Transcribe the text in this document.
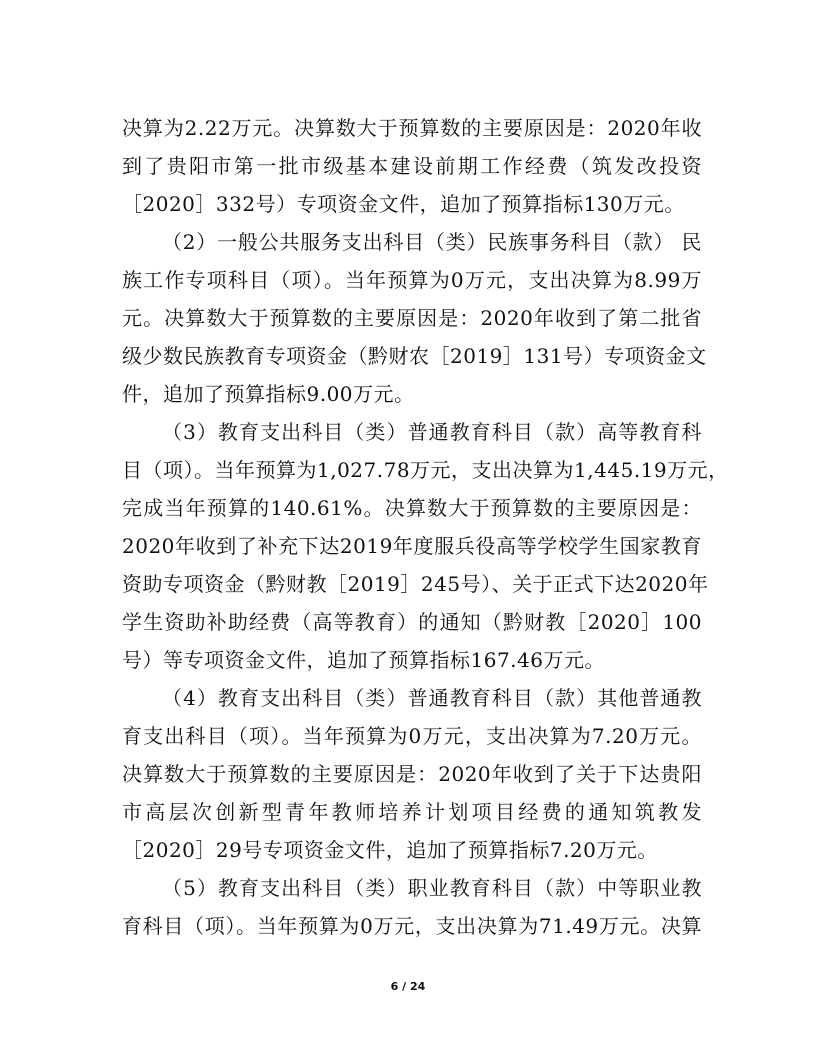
决算为2.22万元。决算数大于预算数的主要原因是：2020年收
到了贵阳市第一批市级基本建设前期工作经费（筑发改投资
［2020］332号）专项资金文件，追加了预算指标130万元。
（2）一般公共服务支出科目（类）民族事务科目（款） 民
族工作专项科目（项）。当年预算为0万元，支出决算为8.99万
元。决算数大于预算数的主要原因是：2020年收到了第二批省
级少数民族教育专项资金（黔财农［2019］131号）专项资金文
件，追加了预算指标9.00万元。
（3）教育支出科目（类）普通教育科目（款）高等教育科
目（项）。当年预算为1,027.78万元，支出决算为1,445.19万元，
完成当年预算的140.61%。决算数大于预算数的主要原因是：
2020年收到了补充下达2019年度服兵役高等学校学生国家教育
资助专项资金（黔财教［2019］245号）、关于正式下达2020年
学生资助补助经费（高等教育）的通知（黔财教［2020］100
号）等专项资金文件，追加了预算指标167.46万元。
（4）教育支出科目（类）普通教育科目（款）其他普通教
育支出科目（项）。当年预算为0万元，支出决算为7.20万元。
决算数大于预算数的主要原因是：2020年收到了关于下达贵阳
市高层次创新型青年教师培养计划项目经费的通知筑教发
［2020］29号专项资金文件，追加了预算指标7.20万元。
（5）教育支出科目（类）职业教育科目（款）中等职业教
育科目（项）。当年预算为0万元，支出决算为71.49万元。决算
6 / 24
